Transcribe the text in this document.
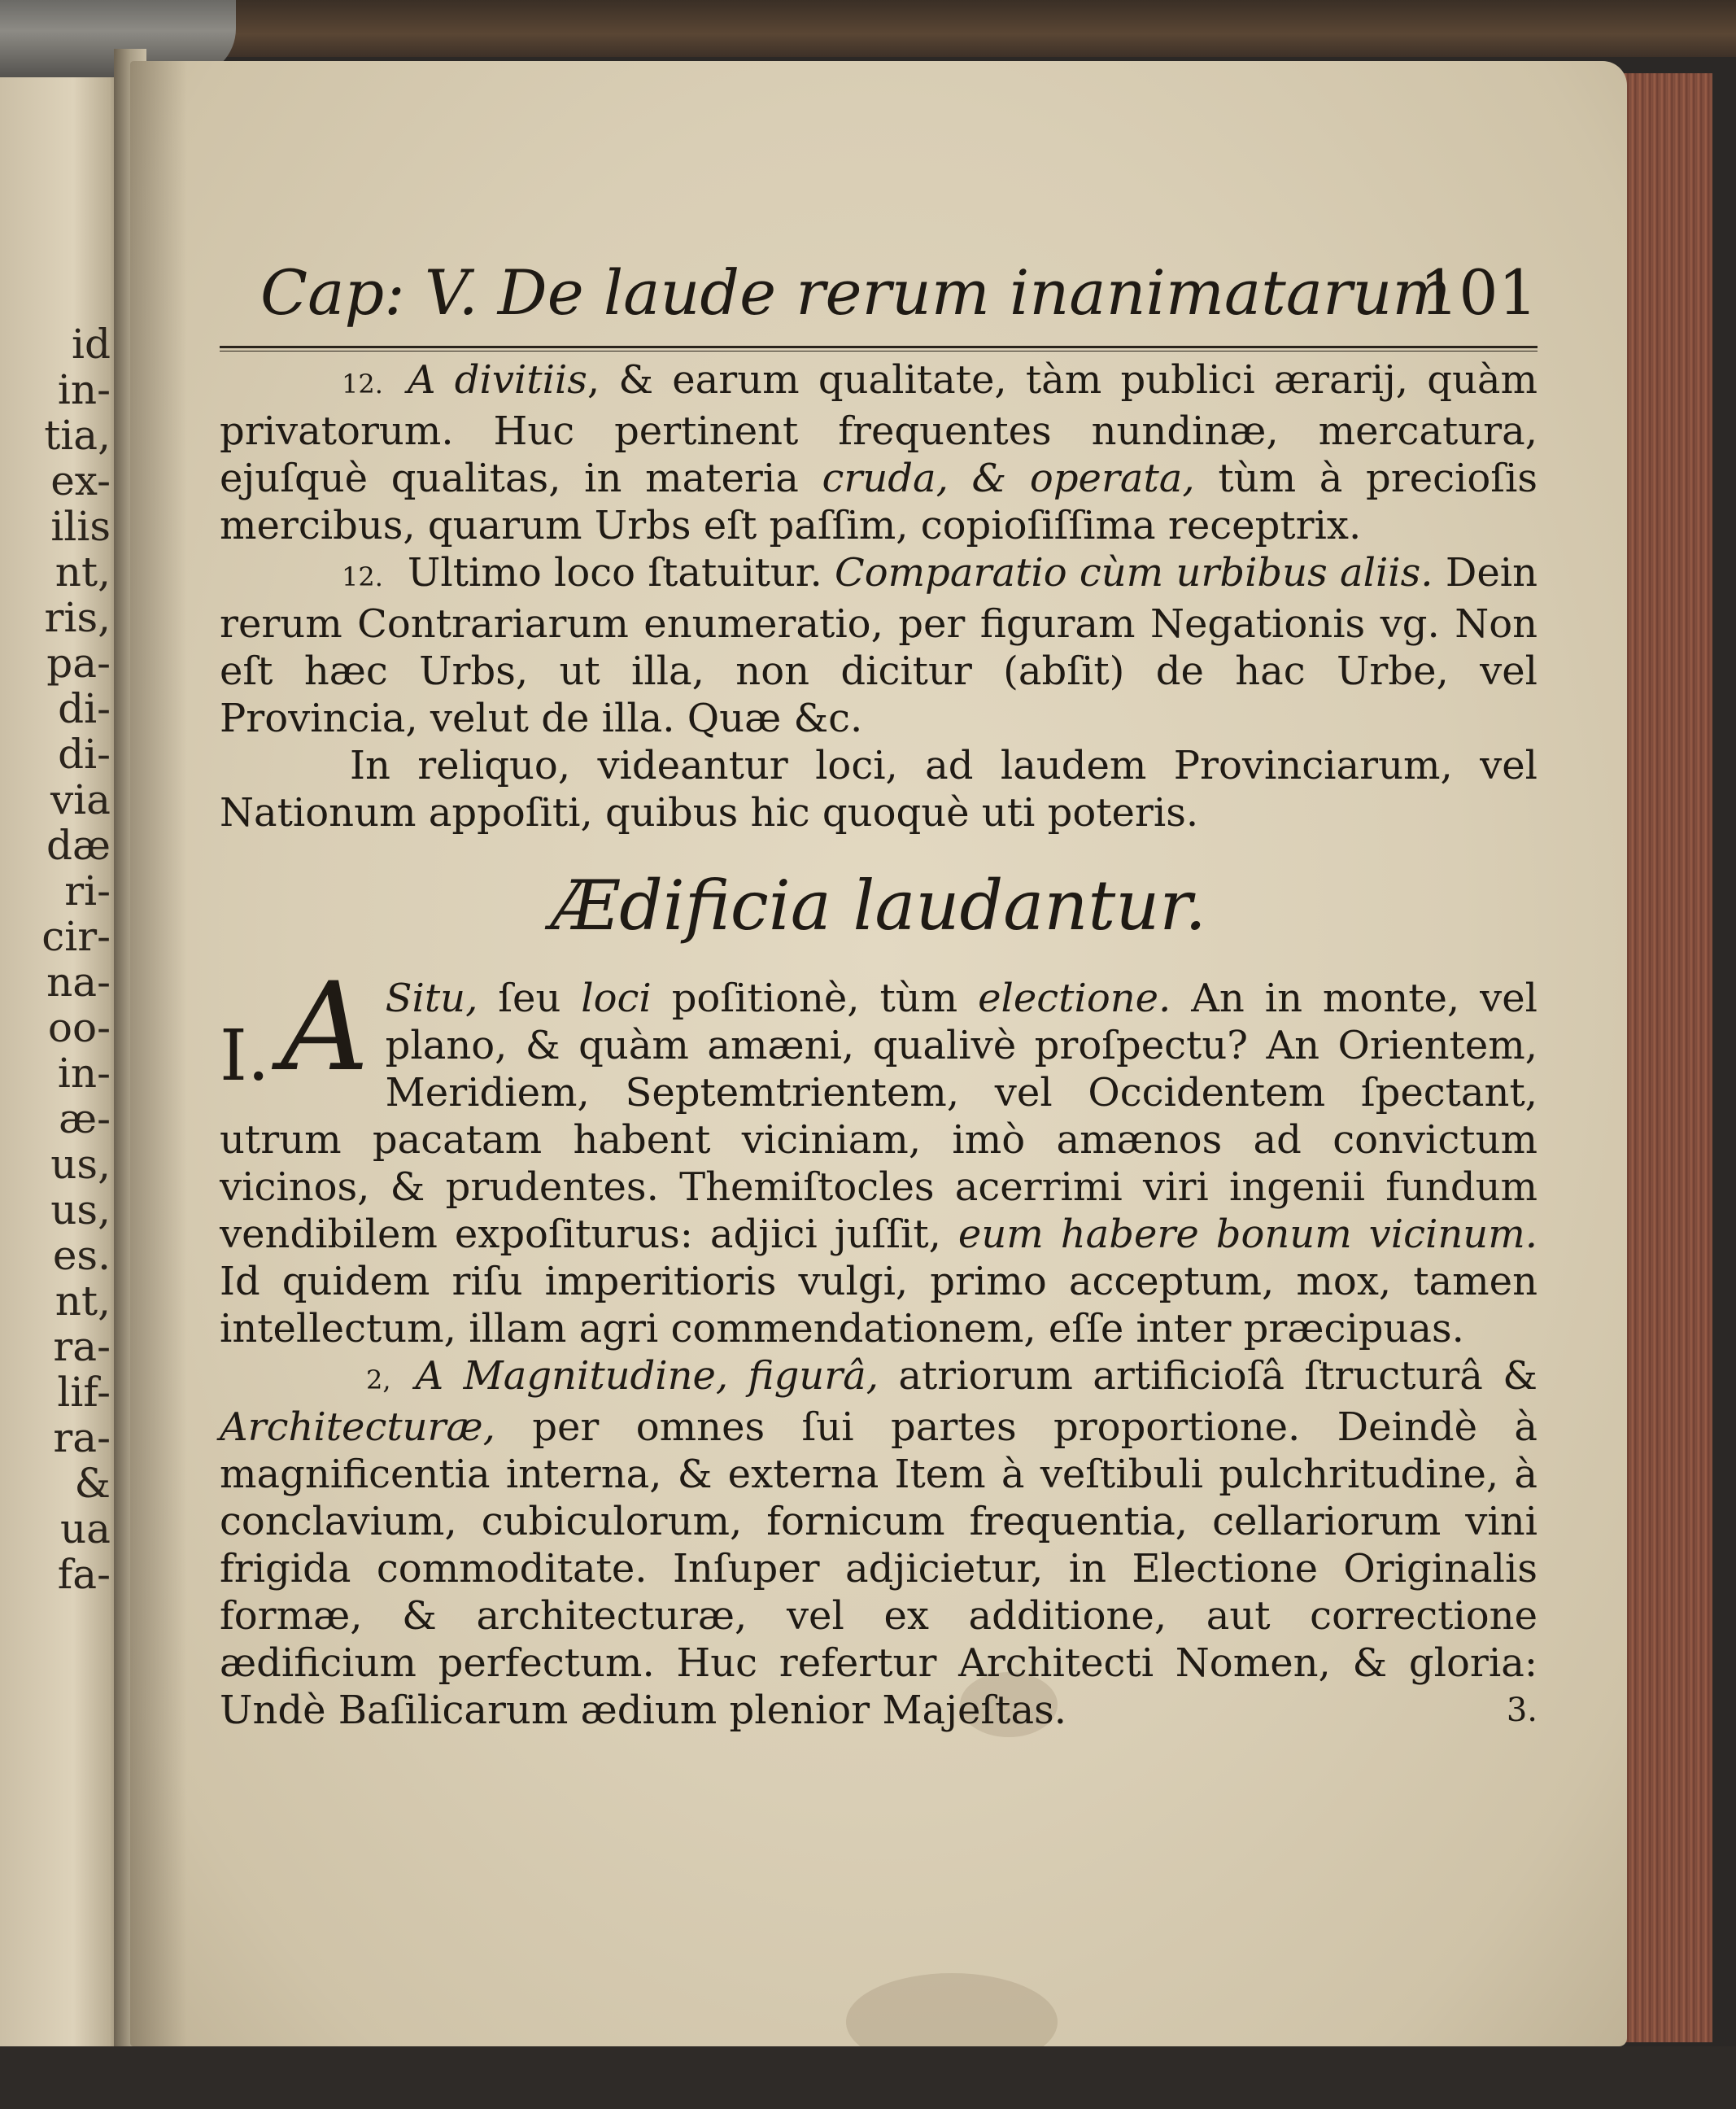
id
in-
tia,
ex-
ilis
nt,
ris,
pa-
di-
di-
via
dæ
ri-
cir-
na-
oo-
in-
æ-
us,
us,
es.
nt,
ra-
lif-
ra-
&
ua
fa-
Cap: V. De laude rerum inanimatarum
101

12. A divitiis, & earum qualitate, tàm publici ærarij, quàm privatorum. Huc pertinent frequentes nundinæ, mercatura, ejuſquè qualitas, in materia cruda, & operata, tùm à precioſis mercibus, quarum Urbs eſt paſſim, copioſiſſima receptrix.

12. Ultimo loco ſtatuitur. Comparatio cùm urbibus aliis. Dein rerum Contrariarum enumeratio, per figuram Negationis vg. Non eſt hæc Urbs, ut illa, non dicitur (abſit) de hac Urbe, vel Provincia, velut de illa. Quæ &c.

In reliquo, videantur loci, ad laudem Provinciarum, vel Nationum appoſiti, quibus hic quoquè uti poteris.

Ædificia laudantur.
I. A Situ, ſeu loci poſitionè, tùm electione. An in monte, vel plano, & quàm amæni, qualivè proſpectu? An Orientem, Meridiem, Septemtrientem, vel Occidentem ſpectant, utrum pacatam habent viciniam, imò amænos ad convictum vicinos, & prudentes. Themiſtocles acerrimi viri ingenii fundum vendibilem expoſiturus: adjici juſſit, eum habere bonum vicinum. Id quidem riſu imperitioris vulgi, primo acceptum, mox, tamen intellectum, illam agri commendationem, eſſe inter præcipuas.

2, A Magnitudine, figurâ, atriorum artificioſâ ſtructurâ & Architecturæ, per omnes ſui partes proportione. Deindè à magnificentia interna, & externa Item à veſtibuli pulchritudine, à conclavium, cubiculorum, fornicum frequentia, cellariorum vini frigida commoditate. Inſuper adjicietur, in Electione Originalis formæ, & architecturæ, vel ex additione, aut correctione ædificium perfectum. Huc refertur Architecti Nomen, & gloria: Undè Baſilicarum ædium plenior Majeſtas.	3.
